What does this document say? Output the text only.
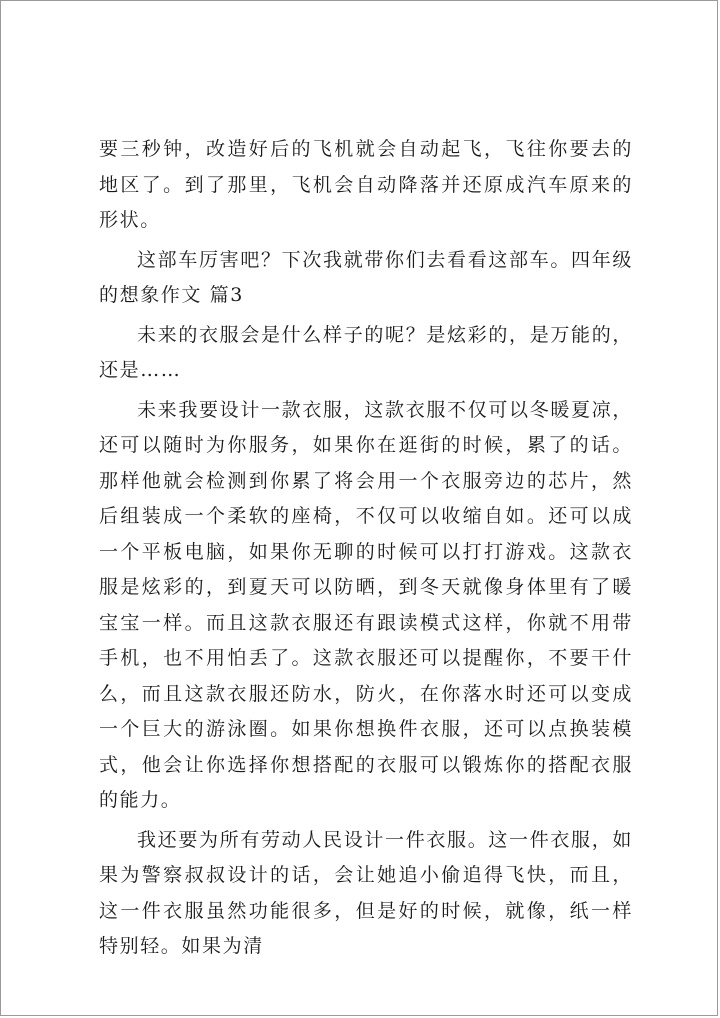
要三秒钟，改造好后的飞机就会自动起飞，飞往你要去的地区了。到了那里，飞机会自动降落并还原成汽车原来的形状。

这部车厉害吧？下次我就带你们去看看这部车。四年级的想象作文 篇3

未来的衣服会是什么样子的呢？是炫彩的，是万能的，还是……

未来我要设计一款衣服，这款衣服不仅可以冬暖夏凉，还可以随时为你服务，如果你在逛街的时候，累了的话。那样他就会检测到你累了将会用一个衣服旁边的芯片，然后组装成一个柔软的座椅，不仅可以收缩自如。还可以成一个平板电脑，如果你无聊的时候可以打打游戏。这款衣服是炫彩的，到夏天可以防晒，到冬天就像身体里有了暖宝宝一样。而且这款衣服还有跟读模式这样，你就不用带手机，也不用怕丢了。这款衣服还可以提醒你，不要干什么，而且这款衣服还防水，防火，在你落水时还可以变成一个巨大的游泳圈。如果你想换件衣服，还可以点换装模式，他会让你选择你想搭配的衣服可以锻炼你的搭配衣服的能力。

我还要为所有劳动人民设计一件衣服。这一件衣服，如果为警察叔叔设计的话，会让她追小偷追得飞快，而且，这一件衣服虽然功能很多，但是好的时候，就像，纸一样特别轻。如果为清
